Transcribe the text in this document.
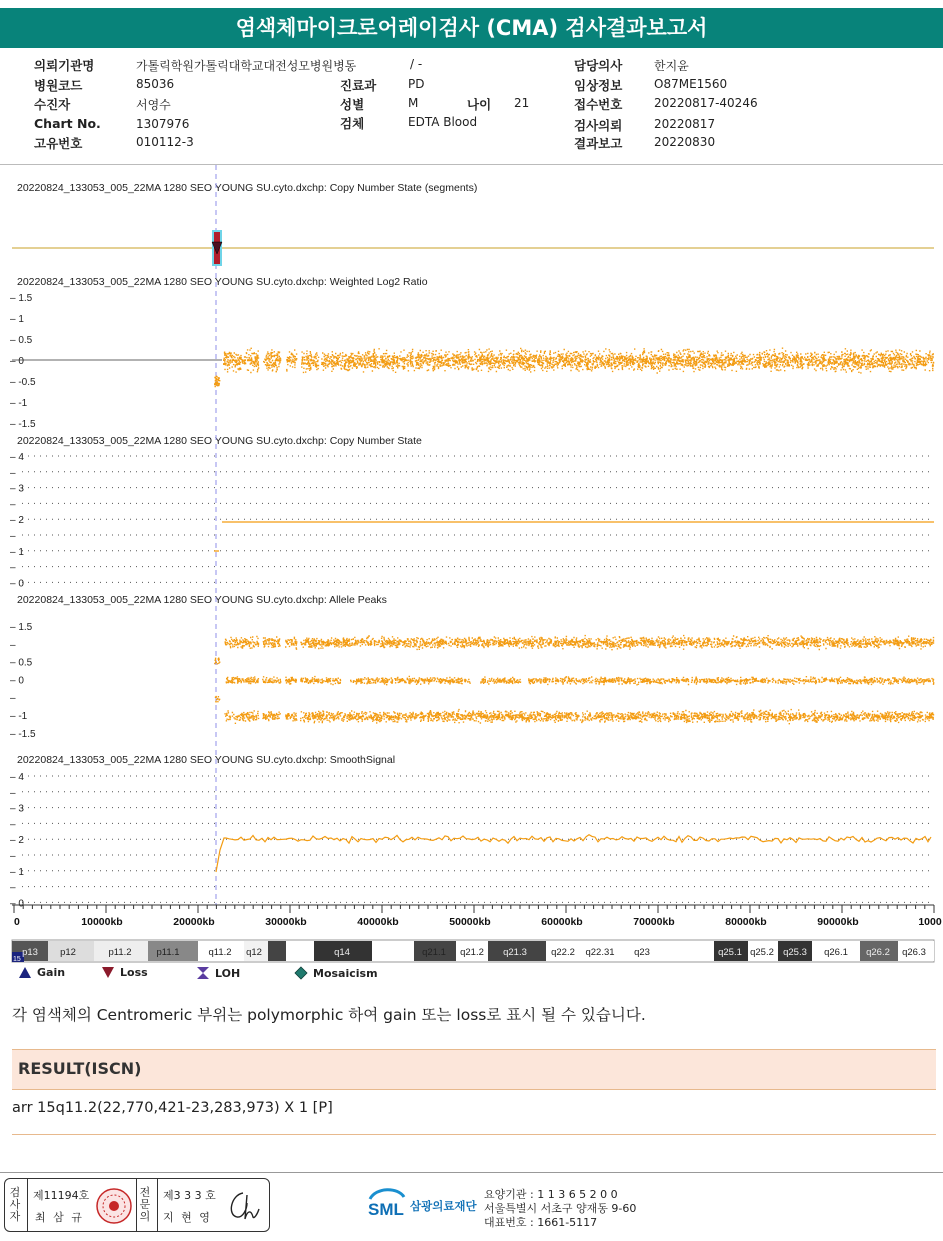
염색체마이크로어레이검사 (CMA) 검사결과보고서
의뢰기관명	가톨릭학원가톨릭대학교대전성모병원병동	/ -
병원코드	85036	진료과	PD
수진자	서영수	성별	M	나이 21
Chart No.	1307976	검체	EDTA Blood
고유번호	010112-3
담당의사	한지윤
임상정보	O87ME1560
접수번호	20220817-40246
검사의뢰	20220817
결과보고	20220830
20220824_133053_005_22MA 1280 SEO YOUNG SU.cyto.dxchp: Copy Number State (segments)
20220824_133053_005_22MA 1280 SEO YOUNG SU.cyto.dxchp: Weighted Log2 Ratio
20220824_133053_005_22MA 1280 SEO YOUNG SU.cyto.dxchp: Copy Number State
20220824_133053_005_22MA 1280 SEO YOUNG SU.cyto.dxchp: Allele Peaks
20220824_133053_005_22MA 1280 SEO YOUNG SU.cyto.dxchp: SmoothSignal
– 1.5
– 1
– 0.5
– 0
– -0.5
– -1
– -1.5
– 4
–
– 3
–
– 2
–
– 1
–
– 0
– 1.5
–
– 0.5
– 0
–
– -1
– -1.5
– 4
–
– 3
–
– 2
–
– 1
–
– 0
0	10000kb	20000kb	30000kb	40000kb	50000kb	60000kb	70000kb	80000kb	90000kb	1000
15
p13 p12	p11.2	p11.1	q11.2 q12	q14	q21.1 q21.2 q21.3	q22.2 q22.31 q23	q25.1 q25.2 q25.3 q26.1 q26.2 q26.3
Gain	Loss	LOH	Mosaicism
각 염색체의 Centromeric 부위는 polymorphic 하여 gain 또는 loss로 표시 될 수 있습니다.
RESULT(ISCN)
arr 15q11.2(22,770,421-23,283,973) X 1 [P]
검
사
자
제11194호
최 삼 규
전
문
의
제3 3 3 호
지 현 영	SML 삼광의료재단
요양기관 : 1 1 3 6 5 2 0 0
서울특별시 서초구 양재동 9-60
대표번호 : 1661-5117
